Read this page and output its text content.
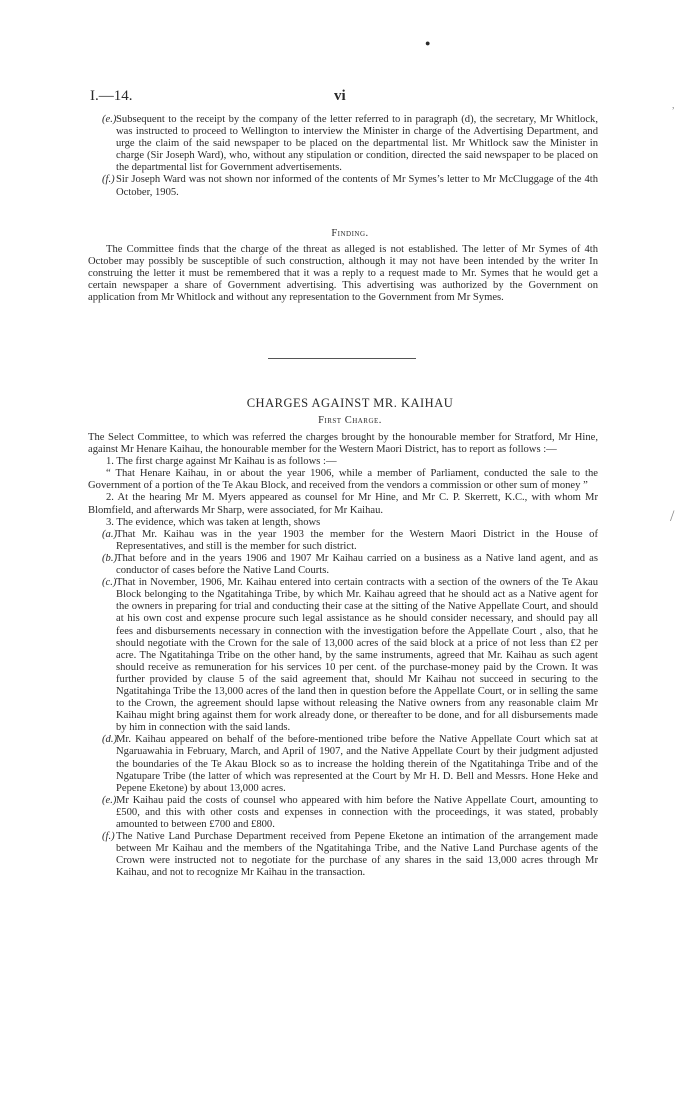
●
,
/
I.—14.	vi
(e.) Subsequent to the receipt by the company of the letter referred to in paragraph (d), the secretary, Mr Whitlock, was instructed to proceed to Wellington to interview the Minister in charge of the Advertising Department, and urge the claim of the said newspaper to be placed on the departmental list. Mr Whitlock saw the Minister in charge (Sir Joseph Ward), who, without any stipulation or condition, directed the said newspaper to be placed on the departmental list for Government advertisements.
(f.) Sir Joseph Ward was not shown nor informed of the contents of Mr Symes’s letter to Mr McCluggage of the 4th October, 1905.
Finding.

The Committee finds that the charge of the threat as alleged is not established. The letter of Mr Symes of 4th October may possibly be susceptible of such construction, although it may not have been intended by the writer In construing the letter it must be remembered that it was a reply to a request made to Mr. Symes that he would get a certain newspaper a share of Government advertising. This advertising was authorized by the Government on application from Mr Whitlock and without any representation to the Government from Mr Symes.

CHARGES AGAINST MR. KAIHAU
First Charge.

The Select Committee, to which was referred the charges brought by the honourable member for Stratford, Mr Hine, against Mr Henare Kaihau, the honourable member for the Western Maori District, has to report as follows :—

1. The first charge against Mr Kaihau is as follows :—

“ That Henare Kaihau, in or about the year 1906, while a member of Parliament, conducted the sale to the Government of a portion of the Te Akau Block, and received from the vendors a commission or other sum of money ”

2. At the hearing Mr M. Myers appeared as counsel for Mr Hine, and Mr C. P. Skerrett, K.C., with whom Mr Blomfield, and afterwards Mr Sharp, were associated, for Mr Kaihau.

3. The evidence, which was taken at length, shows

(a.)
That Mr. Kaihau was in the year 1903 the member for the Western Maori District in the House of Representatives, and still is the member for such district.
(b.)
That before and in the years 1906 and 1907 Mr Kaihau carried on a business as a Native land agent, and as conductor of cases before the Native Land Courts.
(c.) That in November, 1906, Mr. Kaihau entered into certain contracts with a section of the owners of the Te Akau Block belonging to the Ngatitahinga Tribe, by which Mr. Kaihau agreed that he should act as a Native agent for the owners in preparing for trial and conducting their case at the sitting of the Native Appellate Court, and should at his own cost and expense procure such legal assistance as he should consider necessary, and should pay all fees and disbursements necessary in connection with the investigation before the Appellate Court , also, that he should negotiate with the Crown for the sale of 13,000 acres of the said block at a price of not less than £2 per acre. The Ngatitahinga Tribe on the other hand, by the same instruments, agreed that Mr. Kaihau as such agent should receive as remuneration for his services 10 per cent. of the purchase-money paid by the Crown. It was further provided by clause 5 of the said agreement that, should Mr Kaihau not succeed in securing to the Ngatitahinga Tribe the 13,000 acres of the land then in question before the Appellate Court, or in selling the same to the Crown, the agreement should lapse without releasing the Native owners from any reasonable claim Mr Kaihau might bring against them for work already done, or thereafter to be done, and for all disbursements made by him in connection with the said lands.
(d.)
Mr. Kaihau appeared on behalf of the before-mentioned tribe before the Native Appellate Court which sat at Ngaruawahia in February, March, and April of 1907, and the Native Appellate Court by their judgment adjusted the boundaries of the Te Akau Block so as to increase the holding therein of the Ngatitahinga Tribe and of the Ngatupare Tribe (the latter of which was represented at the Court by Mr H. D. Bell and Messrs. Hone Heke and Pepene Eketone) by about 13,000 acres.
(e.) Mr Kaihau paid the costs of counsel who appeared with him before the Native Appellate Court, amounting to £500, and this with other costs and expenses in connection with the proceedings, it was stated, probably amounted to between £700 and £800.
(f.) The Native Land Purchase Department received from Pepene Eketone an intimation of the arrangement made between Mr Kaihau and the members of the Ngatitahinga Tribe, and the Native Land Purchase agents of the Crown were instructed not to negotiate for the purchase of any shares in the said 13,000 acres through Mr Kaihau, and not to recognize Mr Kaihau in the transaction.
